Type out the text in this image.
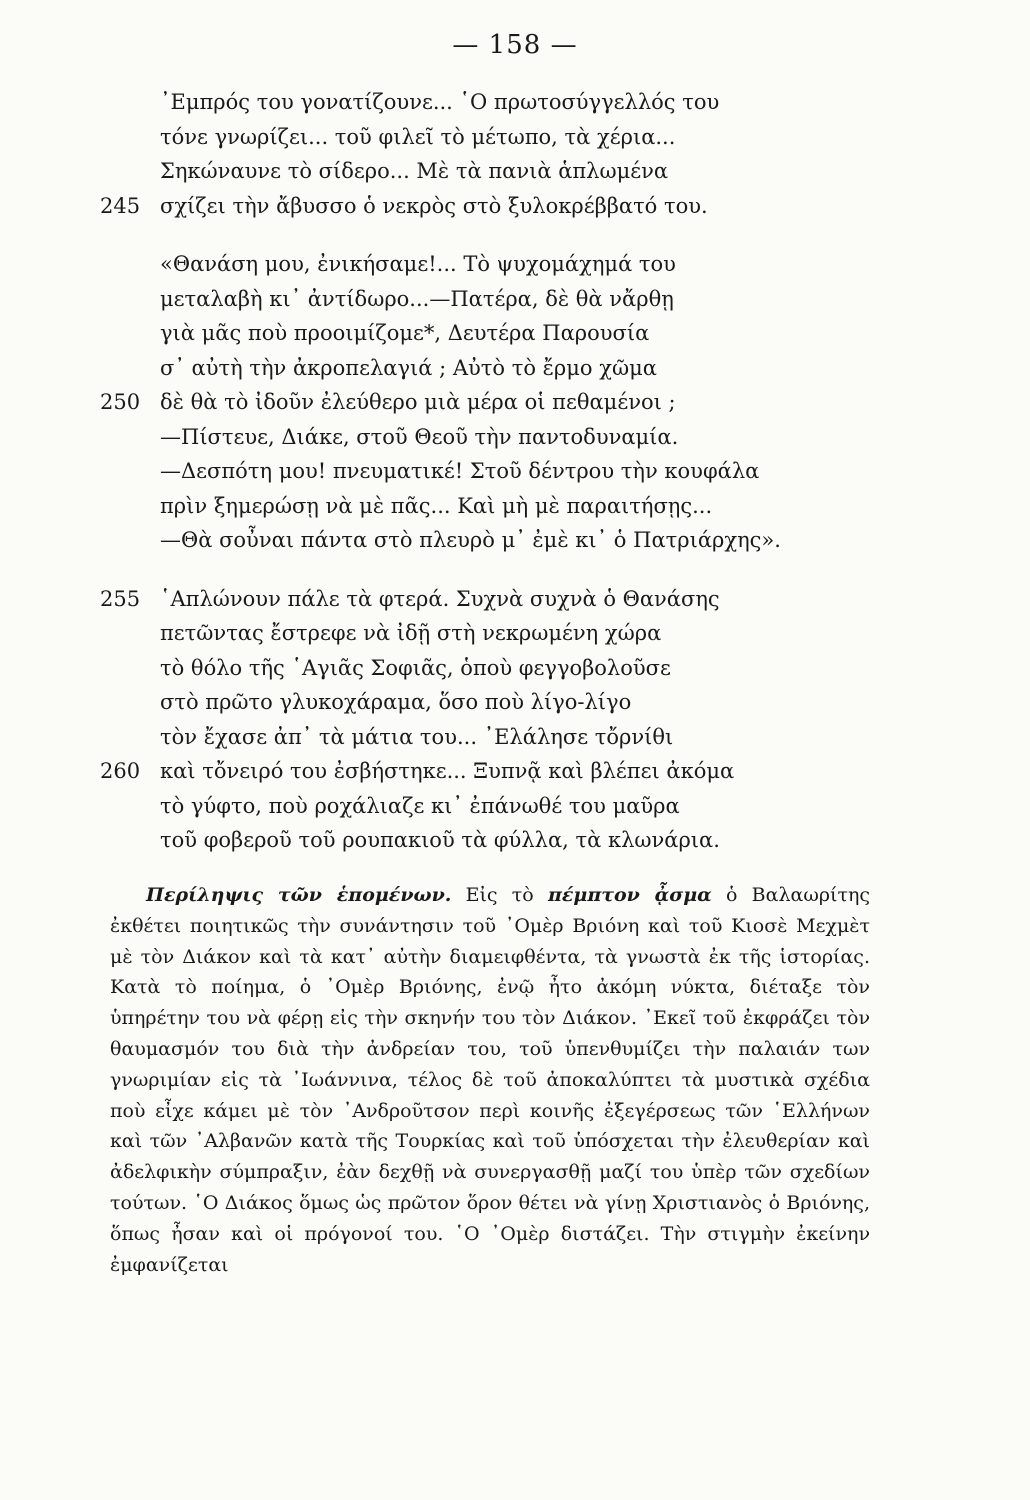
— 158 —
᾿Εμπρός του γονατίζουνε... ῾Ο πρωτοσύγγελλός του
τόνε γνωρίζει... τοῦ φιλεῖ τὸ μέτωπο, τὰ χέρια...
Σηκώναυνε τὸ σίδερο... Μὲ τὰ πανιὰ ἁπλωμένα
245 σχίζει τὴν ἄβυσσο ὁ νεκρὸς στὸ ξυλοκρέββατό του.
«Θανάση μου, ἐνικήσαμε!... Τὸ ψυχομάχημά του
μεταλαβὴ κι᾿ ἀντίδωρο...—Πατέρα, δὲ θὰ νἄρθῃ
γιὰ μᾶς ποὺ προοιμίζομε*, Δευτέρα Παρουσία
σ᾿ αὐτὴ τὴν ἀκροπελαγιά ; Αὐτὸ τὸ ἔρμο χῶμα
250 δὲ θὰ τὸ ἰδοῦν ἐλεύθερο μιὰ μέρα οἱ πεθαμένοι ;
—Πίστευε, Διάκε, στοῦ Θεοῦ τὴν παντοδυναμία.
—Δεσπότη μου! πνευματικέ! Στοῦ δέντρου τὴν κουφάλα
πρὶν ξημερώσῃ νὰ μὲ πᾶς... Καὶ μὴ μὲ παραιτήσῃς...
—Θὰ σοὖναι πάντα στὸ πλευρὸ μ᾿ ἐμὲ κι᾿ ὁ Πατριάρχης».
255 ῾Απλώνουν πάλε τὰ φτερά. Συχνὰ συχνὰ ὁ Θανάσης
πετῶντας ἔστρεφε νὰ ἰδῇ στὴ νεκρωμένη χώρα
τὸ θόλο τῆς ῾Αγιᾶς Σοφιᾶς, ὁποὺ φεγγοβολοῦσε
στὸ πρῶτο γλυκοχάραμα, ὅσο ποὺ λίγο-λίγο
τὸν ἔχασε ἀπ᾿ τὰ μάτια του... ᾿Ελάλησε τὄρνίθι
260 καὶ τὄνειρό του ἐσβήστηκε... Ξυπνᾷ καὶ βλέπει ἀκόμα
τὸ γύφτο, ποὺ ροχάλιαζε κι᾿ ἐπάνωθέ του μαῦρα
τοῦ φοβεροῦ τοῦ ρουπακιοῦ τὰ φύλλα, τὰ κλωνάρια.
Περίληψις τῶν ἑπομένων. Εἰς τὸ πέμπτον ᾆσμα ὁ Βαλαωρίτης ἐκθέτει ποιητικῶς τὴν συνάντησιν τοῦ ᾿Ομὲρ Βριόνη καὶ τοῦ Κιοσὲ Μεχμὲτ μὲ τὸν Διάκον καὶ τὰ κατ᾿ αὐτὴν διαμειφθέντα, τὰ γνωστὰ ἐκ τῆς ἱστορίας. Κατὰ τὸ ποίημα, ὁ ᾿Ομὲρ Βριόνης, ἐνῷ ἦτο ἀκόμη νύκτα, διέταξε τὸν ὑπηρέτην του νὰ φέρῃ εἰς τὴν σκηνήν του τὸν Διάκον. ᾿Εκεῖ τοῦ ἐκφράζει τὸν θαυμασμόν του διὰ τὴν ἀνδρείαν του, τοῦ ὑπενθυμίζει τὴν παλαιάν των γνωριμίαν εἰς τὰ ᾿Ιωάννινα, τέλος δὲ τοῦ ἀποκαλύπτει τὰ μυστικὰ σχέδια ποὺ εἶχε κάμει μὲ τὸν ᾿Ανδροῦτσον περὶ κοινῆς ἐξεγέρσεως τῶν ῾Ελλήνων καὶ τῶν ᾿Αλβανῶν κατὰ τῆς Τουρκίας καὶ τοῦ ὑπόσχεται τὴν ἐλευθερίαν καὶ ἀδελφικὴν σύμπραξιν, ἐὰν δεχθῇ νὰ συνεργασθῇ μαζί του ὑπὲρ τῶν σχεδίων τούτων. ῾Ο Διάκος ὅμως ὡς πρῶτον ὅρον θέτει νὰ γίνῃ Χριστιανὸς ὁ Βριόνης, ὅπως ἦσαν καὶ οἱ πρόγονοί του. ῾Ο ᾿Ομὲρ διστάζει. Τὴν στιγμὴν ἐκείνην ἐμφανίζεται
